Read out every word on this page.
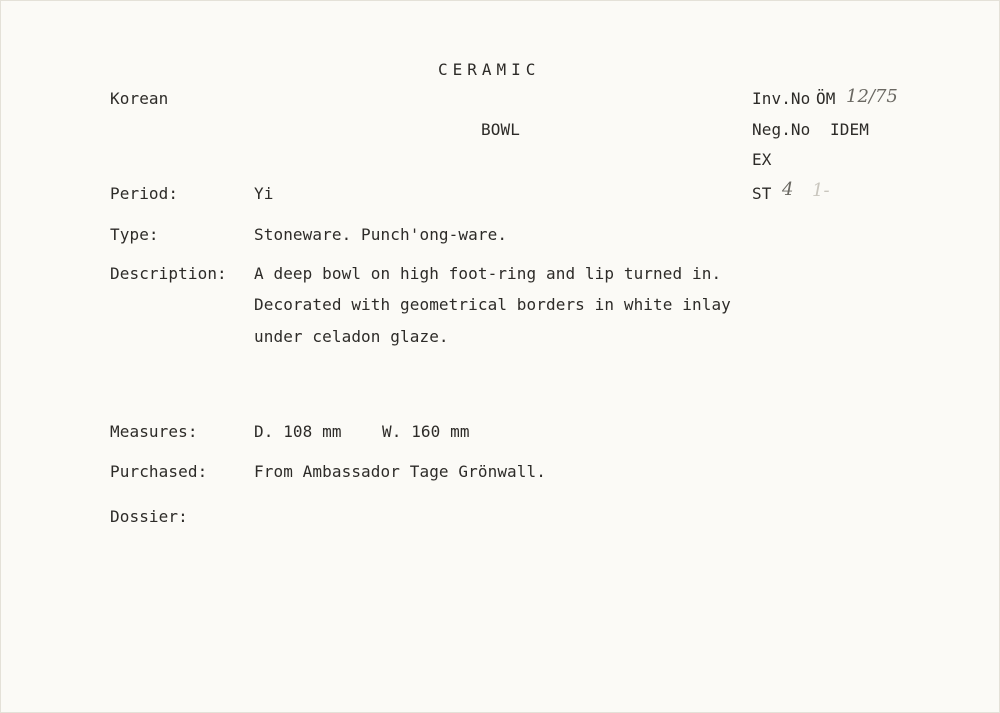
CERAMIC
Korean
BOWL
Inv.No ÖM 12/75
Neg.No IDEM
EX
ST 4 1-
Period:	Yi
Type:	Stoneware. Punch'ong-ware.
Description: A deep bowl on high foot-ring and lip turned in.
Decorated with geometrical borders in white inlay
under celadon glaze.
Measures:	D. 108 mm	W. 160 mm
Purchased:	From Ambassador Tage Grönwall.
Dossier:
